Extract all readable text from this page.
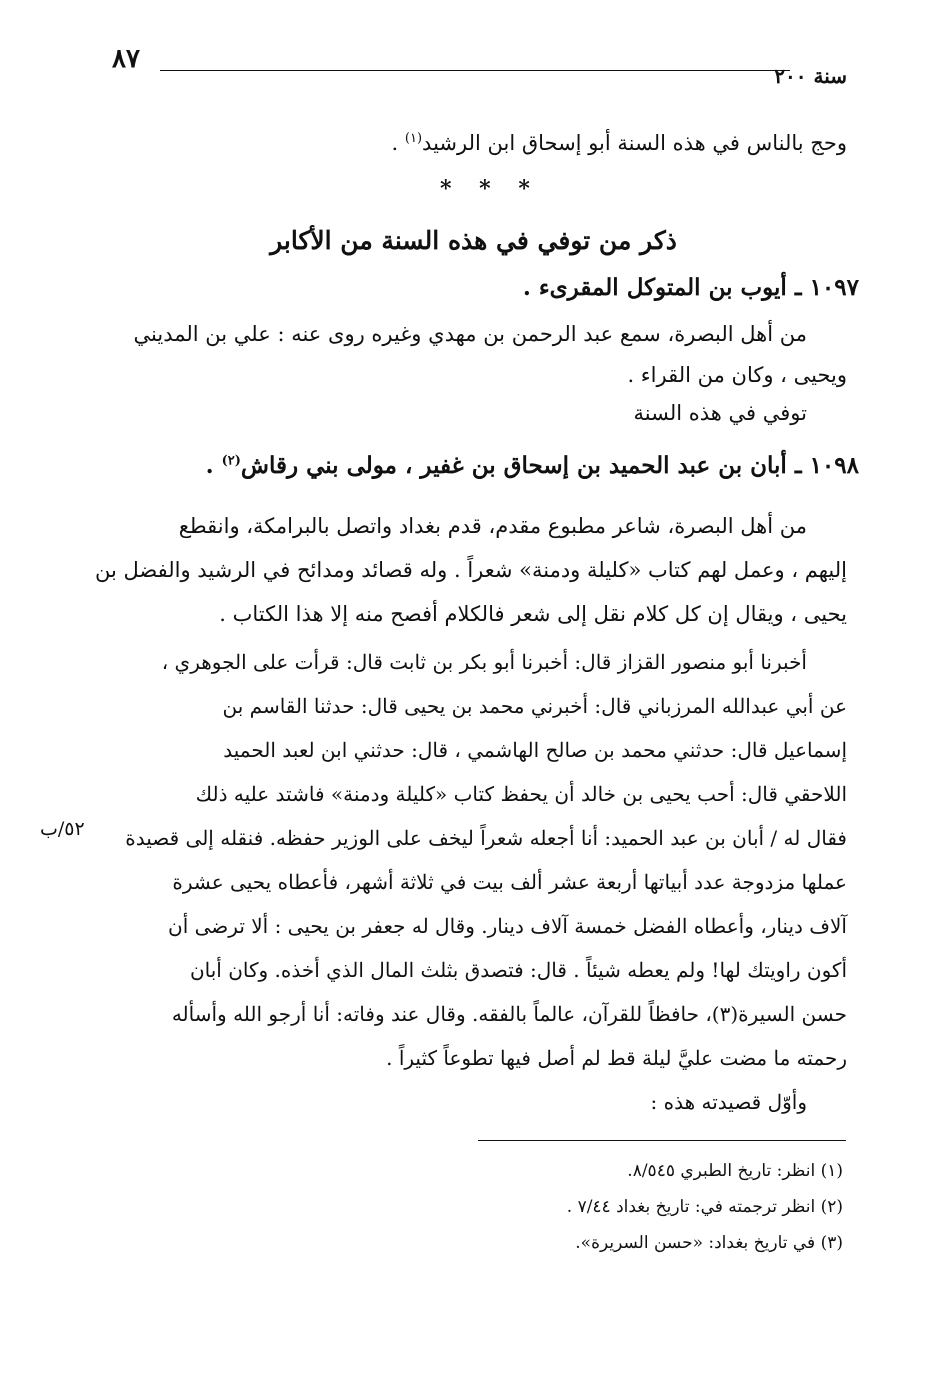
٨٧
سنة ٢٠٠
وحج بالناس في هذه السنة أبو إسحاق ابن الرشيد$^{(١)}$ .
* * *
ذكر من توفي في هذه السنة من الأكابر
١٠٩٧ ـ أيوب بن المتوكل المقرىء .

من أهل البصرة، سمع عبد الرحمن بن مهدي وغيره روى عنه : علي بن المديني

ويحيى ، وكان من القراء .

توفي في هذه السنة

١٠٩٨ ـ أبان بن عبد الحميد بن إسحاق بن غفير ، مولى بني رقاش$^{(٢)}$ .

من أهل البصرة، شاعر مطبوع مقدم، قدم بغداد واتصل بالبرامكة، وانقطع

إليهم ، وعمل لهم كتاب «كليلة ودمنة» شعراً . وله قصائد ومدائح في الرشيد والفضل بن

يحيى ، ويقال إن كل كلام نقل إلى شعر فالكلام أفصح منه إلا هذا الكتاب .

أخبرنا أبو منصور القزاز قال: أخبرنا أبو بكر بن ثابت قال: قرأت على الجوهري ،

عن أبي عبدالله المرزباني قال: أخبرني محمد بن يحيى قال: حدثنا القاسم بن

إسماعيل قال: حدثني محمد بن صالح الهاشمي ، قال: حدثني ابن لعبد الحميد

اللاحقي قال: أحب يحيى بن خالد أن يحفظ كتاب «كليلة ودمنة» فاشتد عليه ذلك

فقال له / أبان بن عبد الحميد: أنا أجعله شعراً ليخف على الوزير حفظه. فنقله إلى قصيدة

عملها مزدوجة عدد أبياتها أربعة عشر ألف بيت في ثلاثة أشهر، فأعطاه يحيى عشرة

آلاف دينار، وأعطاه الفضل خمسة آلاف دينار. وقال له جعفر بن يحيى : ألا ترضى أن

أكون راويتك لها! ولم يعطه شيئاً . قال: فتصدق بثلث المال الذي أخذه. وكان أبان

حسن السيرة(٣)، حافظاً للقرآن، عالماً بالفقه. وقال عند وفاته: أنا أرجو الله وأسأله

رحمته ما مضت عليَّ ليلة قط لم أصل فيها تطوعاً كثيراً .

وأوّل قصيدته هذه :

٥٢/ب
(١) انظر: تاريخ الطبري ٨/٥٤٥.
(٢) انظر ترجمته في: تاريخ بغداد ٧/٤٤ .
(٣) في تاريخ بغداد: «حسن السريرة».
